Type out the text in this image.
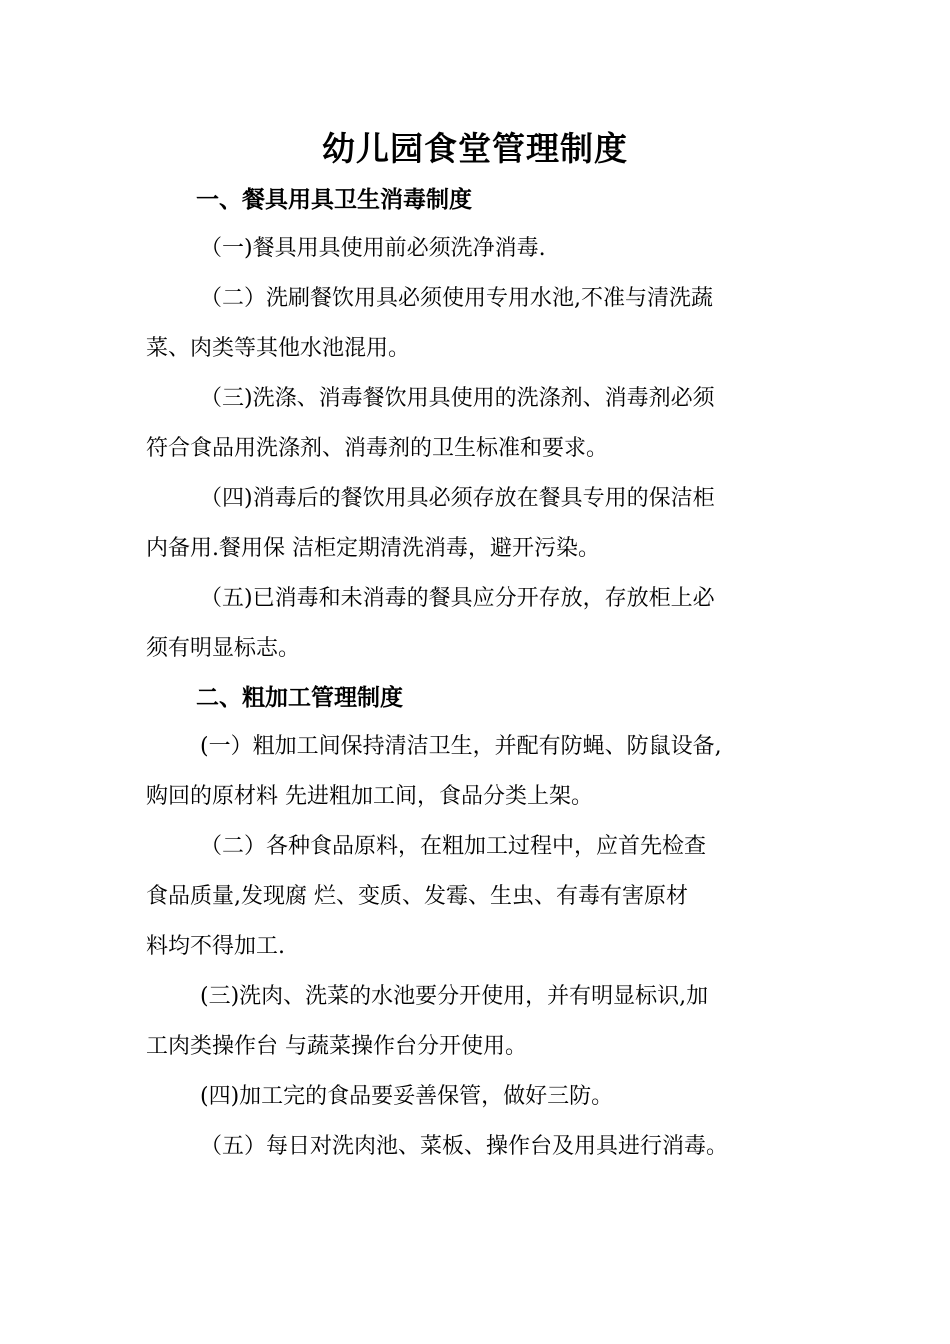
幼儿园食堂管理制度
一、餐具用具卫生消毒制度
（一)餐具用具使用前必须洗净消毒.
（二）洗刷餐饮用具必须使用专用水池,不准与清洗蔬
菜、肉类等其他水池混用。
（三)洗涤、消毒餐饮用具使用的洗涤剂、消毒剂必须
符合食品用洗涤剂、消毒剂的卫生标准和要求。
（四)消毒后的餐饮用具必须存放在餐具专用的保洁柜
内备用.餐用保 洁柜定期清洗消毒，避开污染。
（五)已消毒和未消毒的餐具应分开存放，存放柜上必
须有明显标志。
二、粗加工管理制度
(一）粗加工间保持清洁卫生，并配有防蝇、防鼠设备,
购回的原材料 先进粗加工间，食品分类上架。
（二）各种食品原料，在粗加工过程中，应首先检查
食品质量,发现腐 烂、变质、发霉、生虫、有毒有害原材
料均不得加工.
(三)洗肉、洗菜的水池要分开使用，并有明显标识,加
工肉类操作台 与蔬菜操作台分开使用。
(四)加工完的食品要妥善保管，做好三防。
（五）每日对洗肉池、菜板、操作台及用具进行消毒。
